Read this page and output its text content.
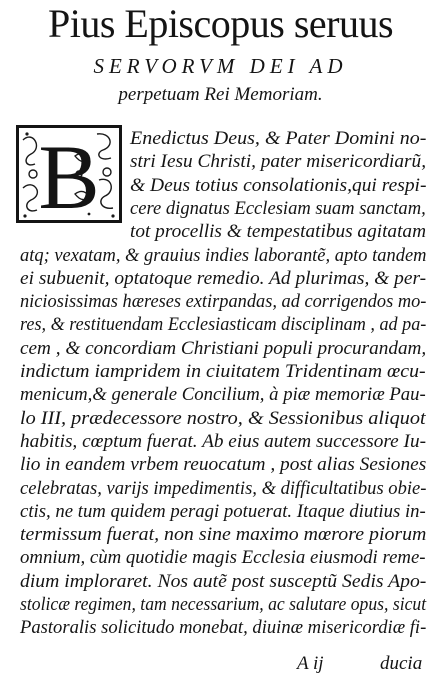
Pius Episcopus seruus
SERVORVM DEI AD
perpetuam Rei Memoriam.
B Enedictus Deus, & Pater Domini no-
stri Iesu Christi, pater misericordiarũ,
& Deus totius consolationis,qui respi-
cere dignatus Ecclesiam suam sanctam,
tot procellis & tempestatibus agitatam
atq; vexatam, & grauius indies laborantẽ, apto tandem
ei subuenit, optatoque remedio. Ad plurimas, & per-
niciosissimas hæreses extirpandas, ad corrigendos mo-
res, & restituendam Ecclesiasticam disciplinam , ad pa-
cem , & concordiam Christiani populi procurandam,
indictum iampridem in ciuitatem Tridentinam œcu-
menicum,& generale Concilium, à piæ memoriæ Pau-
lo III, prædecessore nostro, & Sessionibus aliquot
habitis, cœptum fuerat. Ab eius autem successore Iu-
lio in eandem vrbem reuocatum , post alias Sesiones
celebratas, varijs impedimentis, & difficultatibus obie-
ctis, ne tum quidem peragi potuerat. Itaque diutius in-
termissum fuerat, non sine maximo mœrore piorum
omnium, cùm quotidie magis Ecclesia eiusmodi reme-
dium imploraret. Nos autẽ post susceptũ Sedis Apo-
stolicæ regimen, tam necessarium, ac salutare opus, sicut
Pastoralis solicitudo monebat, diuinæ misericordiæ fi-
A ij	ducia
